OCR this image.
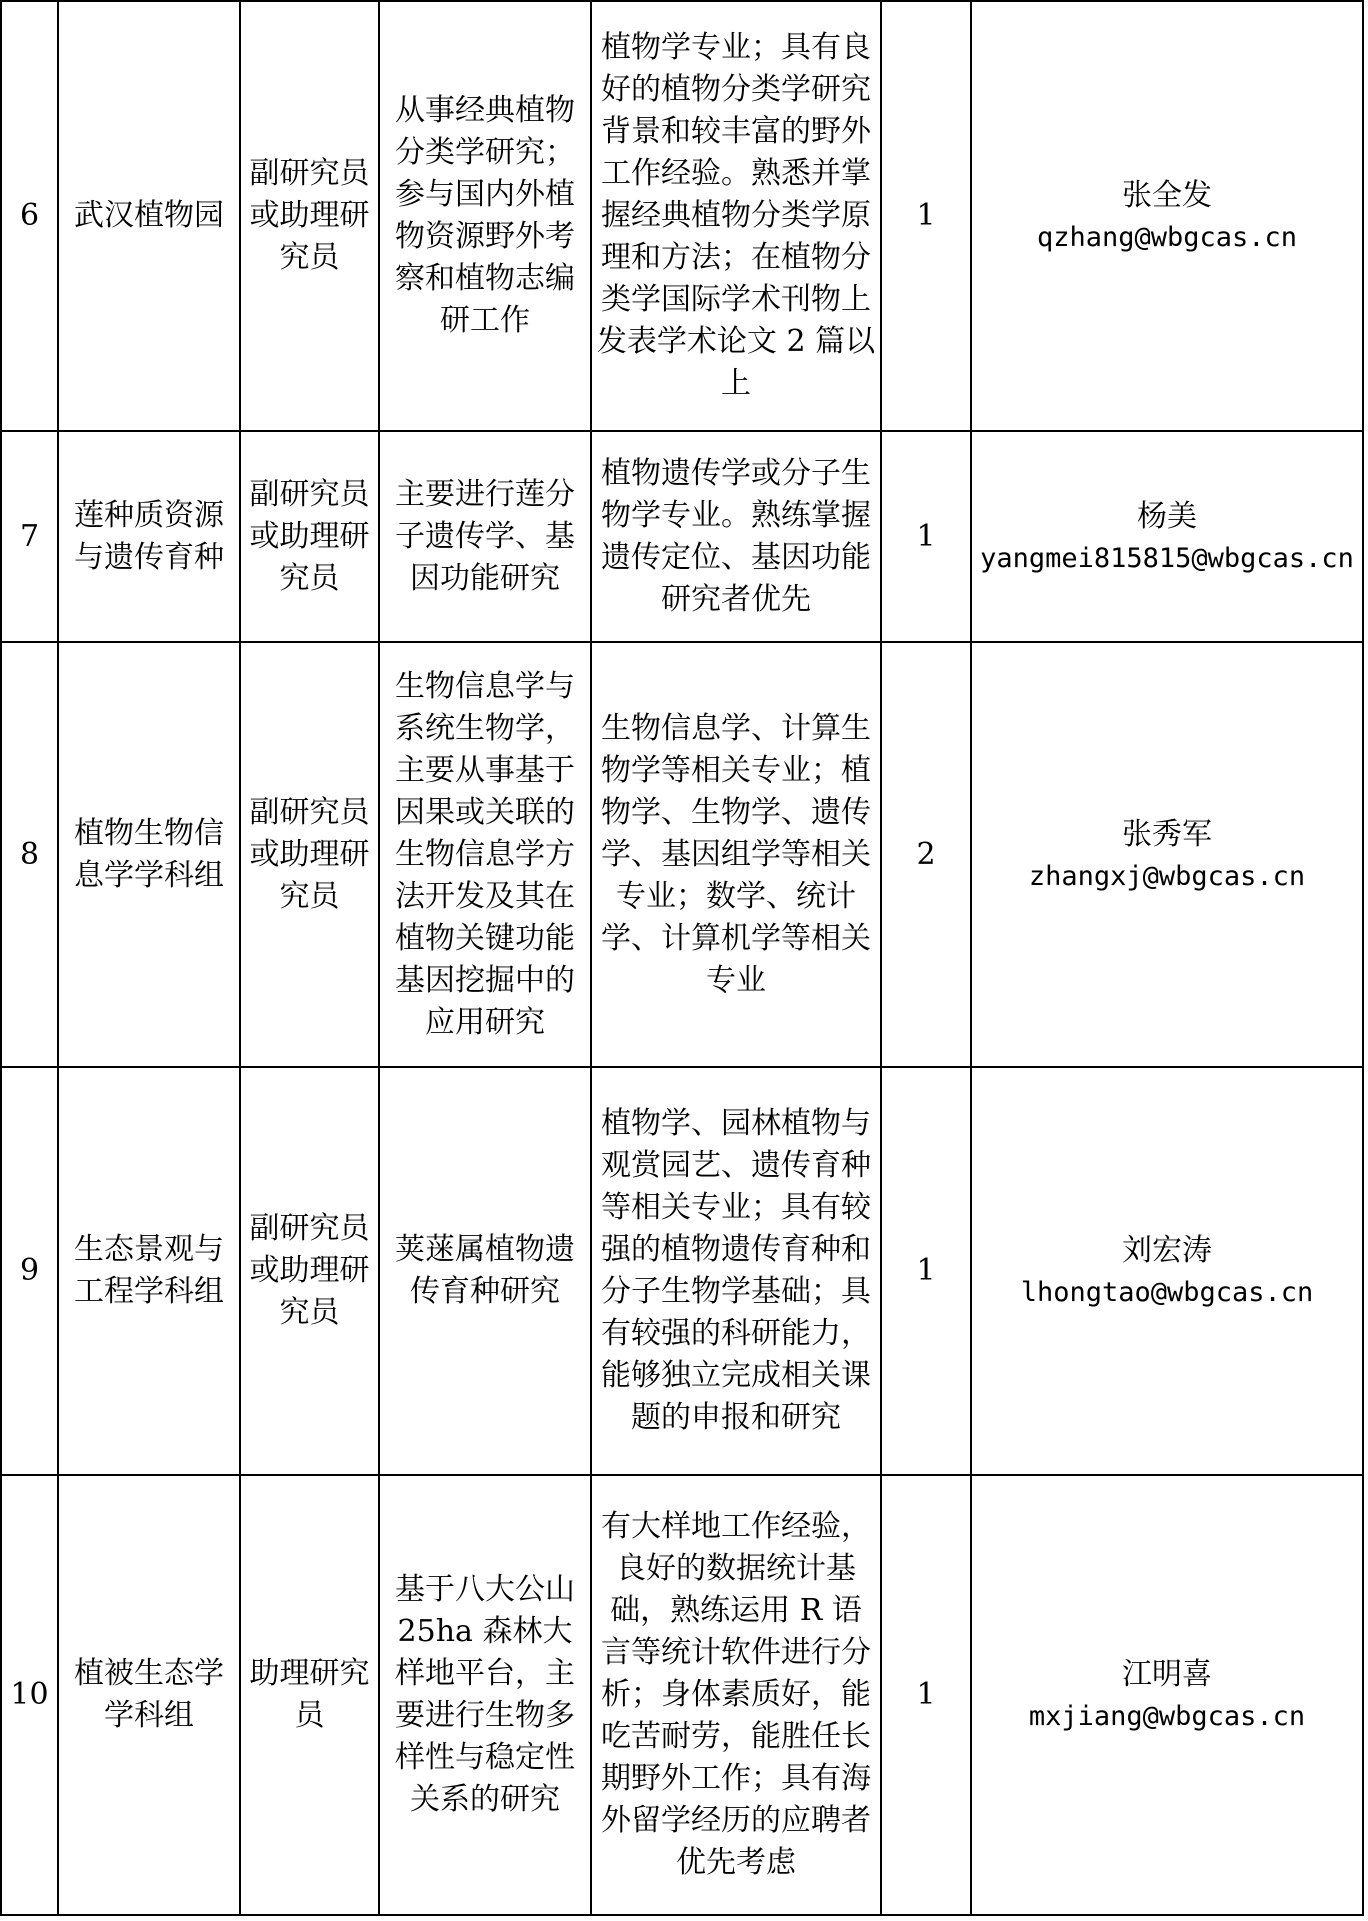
6	武汉植物园	副研究员或助理研究员	从事经典植物分类学研究；参与国内外植物资源野外考察和植物志编研工作	植物学专业；具有良好的植物分类学研究背景和较丰富的野外工作经验。熟悉并掌握经典植物分类学原理和方法；在植物分类学国际学术刊物上发表学术论文 2 篇以上	1	张全发
qzhang@wbgcas.cn

7	莲种质资源与遗传育种	副研究员或助理研究员	主要进行莲分子遗传学、基因功能研究	植物遗传学或分子生物学专业。熟练掌握遗传定位、基因功能研究者优先	1	杨美
yangmei815815@wbgcas.cn

8	植物生物信息学学科组	副研究员或助理研究员	生物信息学与系统生物学，主要从事基于因果或关联的生物信息学方法开发及其在植物关键功能基因挖掘中的应用研究	生物信息学、计算生物学等相关专业；植物学、生物学、遗传学、基因组学等相关专业；数学、统计学、计算机学等相关专业	2	张秀军
zhangxj@wbgcas.cn

9	生态景观与工程学科组	副研究员或助理研究员	荚蒾属植物遗传育种研究	植物学、园林植物与观赏园艺、遗传育种等相关专业；具有较强的植物遗传育种和分子生物学基础；具有较强的科研能力，能够独立完成相关课题的申报和研究	1	刘宏涛
lhongtao@wbgcas.cn

10	植被生态学学科组	助理研究员	基于八大公山 25ha 森林大样地平台，主要进行生物多样性与稳定性关系的研究	有大样地工作经验，良好的数据统计基础，熟练运用 R 语言等统计软件进行分析；身体素质好，能吃苦耐劳，能胜任长期野外工作；具有海外留学经历的应聘者优先考虑	1	江明喜
mxjiang@wbgcas.cn
